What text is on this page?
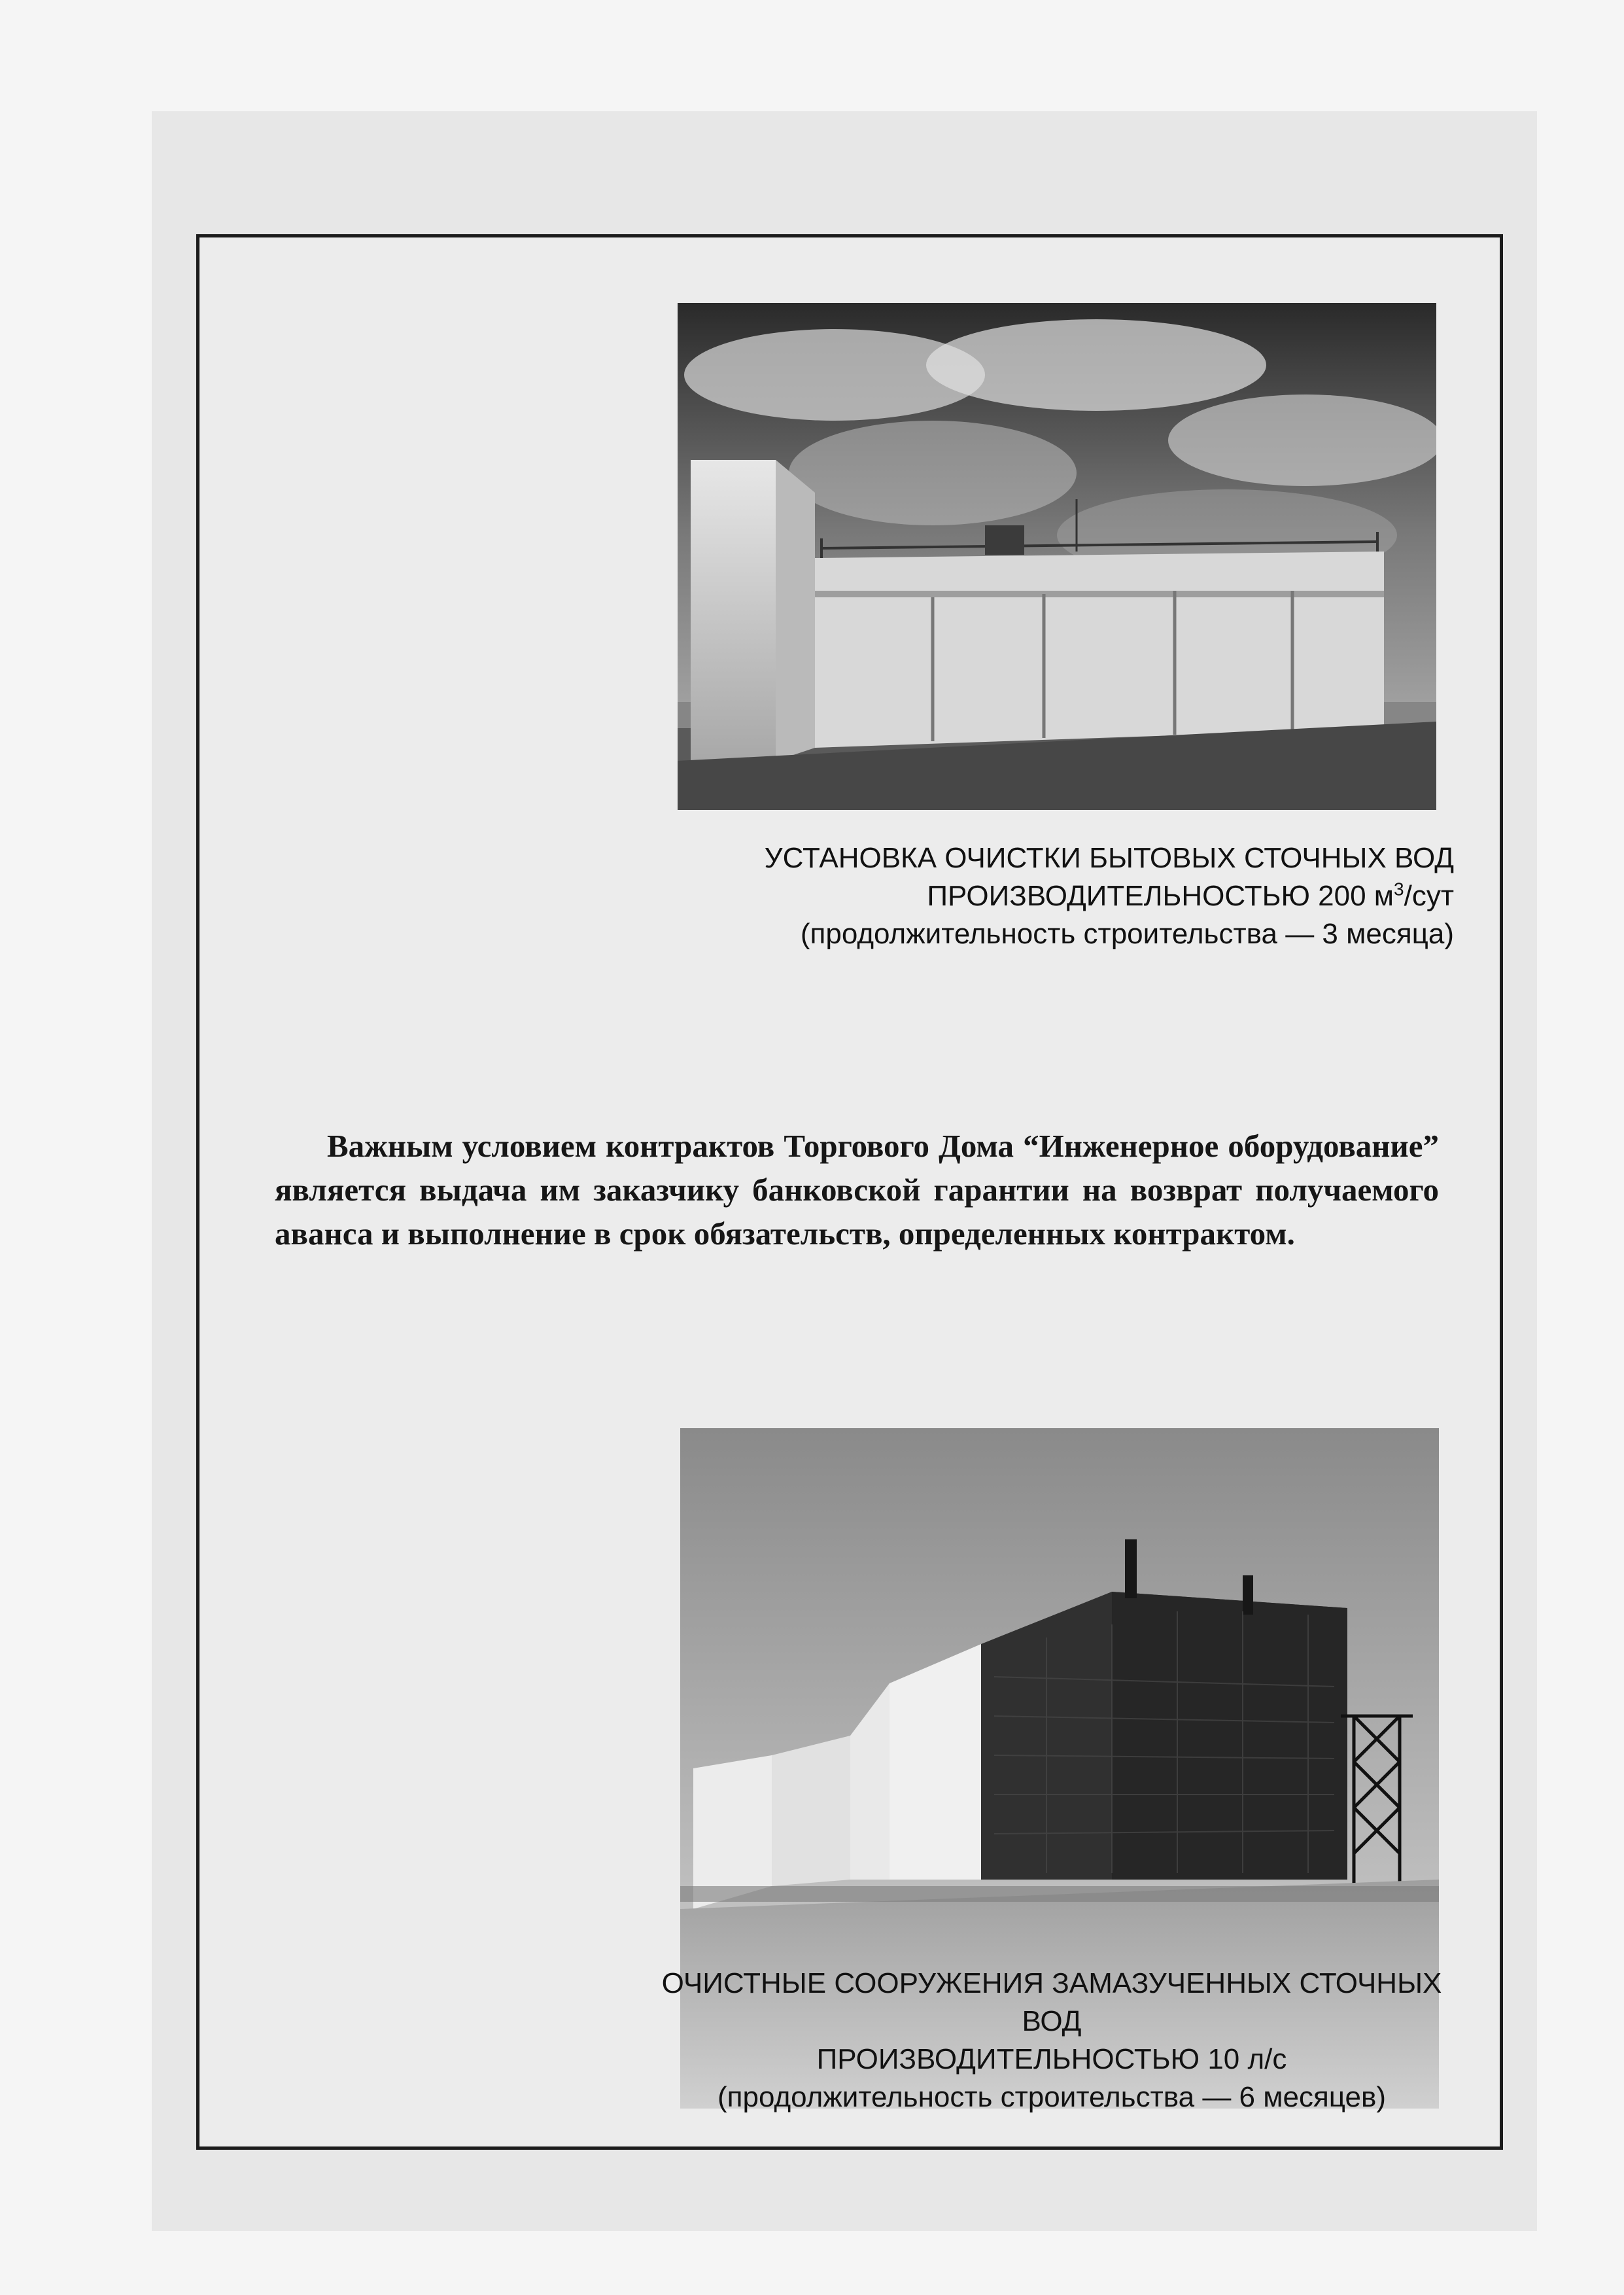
УСТАНОВКА ОЧИСТКИ БЫТОВЫХ СТОЧНЫХ ВОД
ПРОИЗВОДИТЕЛЬНОСТЬЮ 200 $м^3$/сут
(продолжительность строительства — 3 месяца)

Важным условием контрактов Торгового Дома “Инженерное оборудование” является выдача им заказчику банковской гарантии на возврат получаемого аванса и выполнение в срок обязательств, определенных контрактом.

ОЧИСТНЫЕ СООРУЖЕНИЯ ЗАМАЗУЧЕННЫХ СТОЧНЫХ
ВОД
ПРОИЗВОДИТЕЛЬНОСТЬЮ 10 л/с
(продолжительность строительства — 6 месяцев)
